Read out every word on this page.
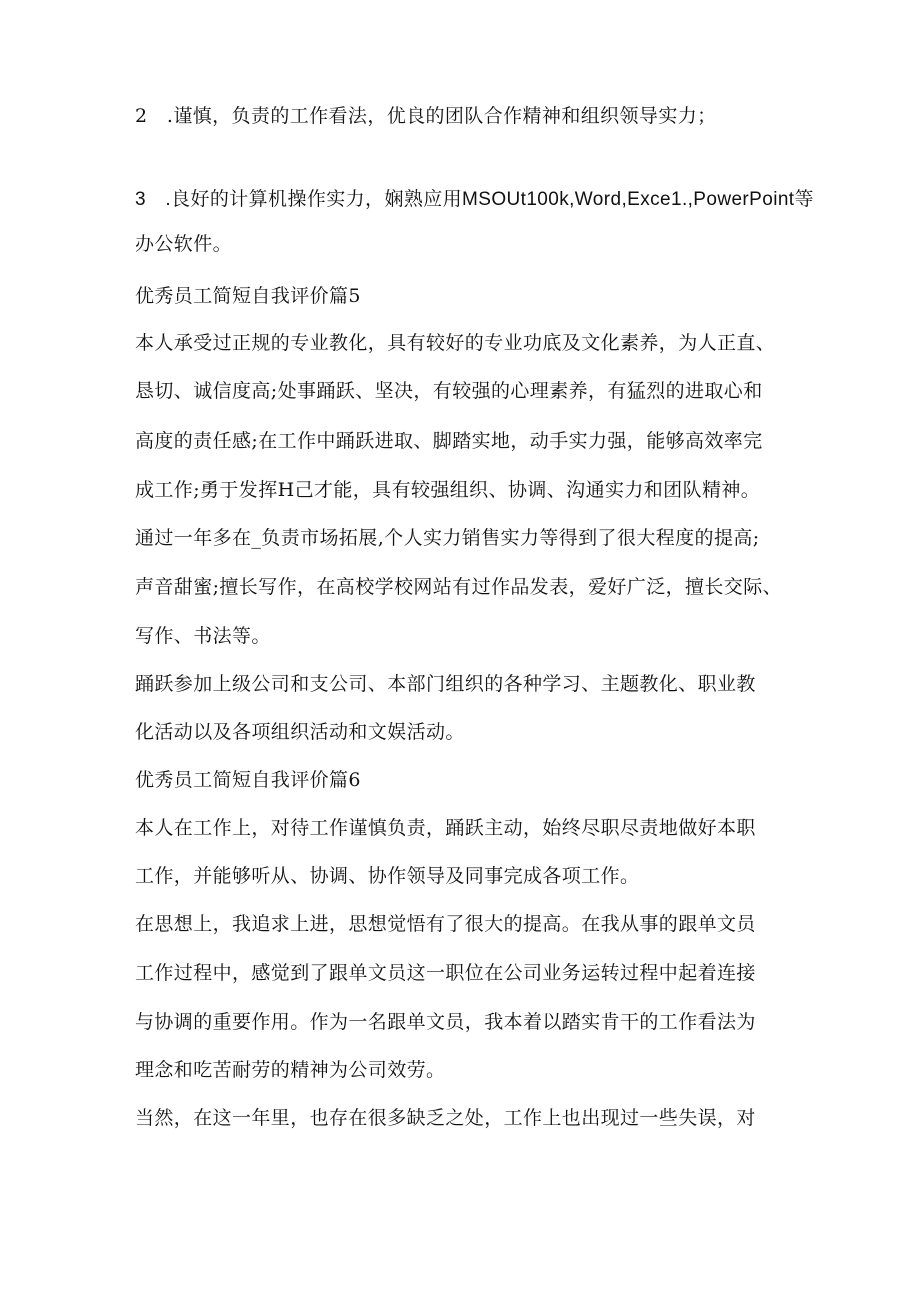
2　.谨慎，负责的工作看法，优良的团队合作精神和组织领导实力；
3　.良好的计算机操作实力，娴熟应用MSOUt100k,Word,Exce1.,PowerPoint等
办公软件。
优秀员工简短自我评价篇5
本人承受过正规的专业教化，具有较好的专业功底及文化素养，为人正直、
恳切、诚信度高;处事踊跃、坚决，有较强的心理素养，有猛烈的进取心和
高度的责任感;在工作中踊跃进取、脚踏实地，动手实力强，能够高效率完
成工作;勇于发挥H己才能，具有较强组织、协调、沟通实力和团队精神。
通过一年多在_负责市场拓展,个人实力销售实力等得到了很大程度的提高;
声音甜蜜;擅长写作，在高校学校网站有过作品发表，爱好广泛，擅长交际、
写作、书法等。
踊跃参加上级公司和支公司、本部门组织的各种学习、主题教化、职业教
化活动以及各项组织活动和文娱活动。
优秀员工简短自我评价篇6
本人在工作上，对待工作谨慎负责，踊跃主动，始终尽职尽责地做好本职
工作，并能够听从、协调、协作领导及同事完成各项工作。
在思想上，我追求上进，思想觉悟有了很大的提高。在我从事的跟单文员
工作过程中，感觉到了跟单文员这一职位在公司业务运转过程中起着连接
与协调的重要作用。作为一名跟单文员，我本着以踏实肯干的工作看法为
理念和吃苦耐劳的精神为公司效劳。
当然，在这一年里，也存在很多缺乏之处，工作上也出现过一些失误，对
